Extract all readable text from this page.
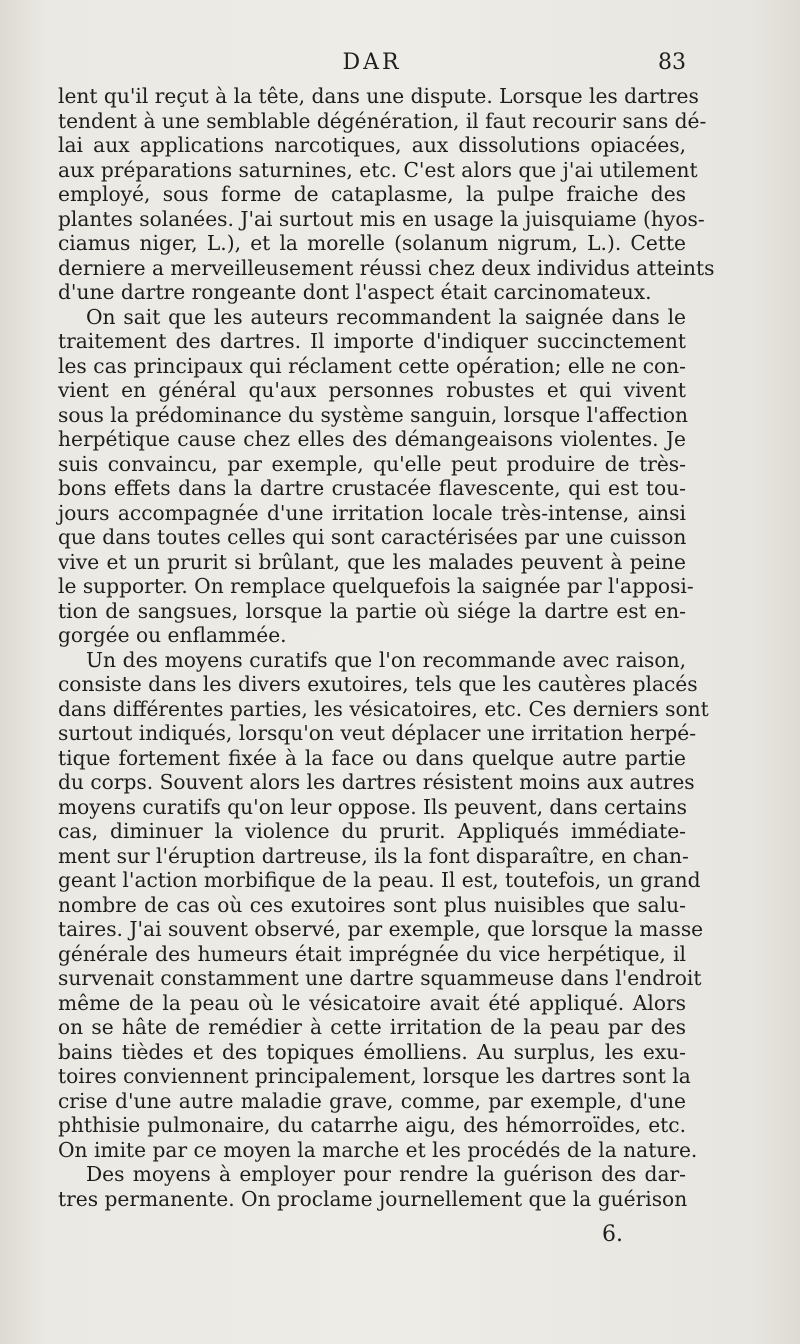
DAR	83
lent qu'il reçut à la tête, dans une dispute. Lorsque les dartres
tendent à une semblable dégénération, il faut recourir sans dé-
lai aux applications narcotiques, aux dissolutions opiacées,
aux préparations saturnines, etc. C'est alors que j'ai utilement
employé, sous forme de cataplasme, la pulpe fraiche des
plantes solanées. J'ai surtout mis en usage la juisquiame (hyos-
ciamus niger, L.), et la morelle (solanum nigrum, L.). Cette
derniere a merveilleusement réussi chez deux individus atteints
d'une dartre rongeante dont l'aspect était carcinomateux.
On sait que les auteurs recommandent la saignée dans le
traitement des dartres. Il importe d'indiquer succinctement
les cas principaux qui réclament cette opération; elle ne con-
vient en général qu'aux personnes robustes et qui vivent
sous la prédominance du système sanguin, lorsque l'affection
herpétique cause chez elles des démangeaisons violentes. Je
suis convaincu, par exemple, qu'elle peut produire de très-
bons effets dans la dartre crustacée flavescente, qui est tou-
jours accompagnée d'une irritation locale très-intense, ainsi
que dans toutes celles qui sont caractérisées par une cuisson
vive et un prurit si brûlant, que les malades peuvent à peine
le supporter. On remplace quelquefois la saignée par l'apposi-
tion de sangsues, lorsque la partie où siége la dartre est en-
gorgée ou enflammée.
Un des moyens curatifs que l'on recommande avec raison,
consiste dans les divers exutoires, tels que les cautères placés
dans différentes parties, les vésicatoires, etc. Ces derniers sont
surtout indiqués, lorsqu'on veut déplacer une irritation herpé-
tique fortement fixée à la face ou dans quelque autre partie
du corps. Souvent alors les dartres résistent moins aux autres
moyens curatifs qu'on leur oppose. Ils peuvent, dans certains
cas, diminuer la violence du prurit. Appliqués immédiate-
ment sur l'éruption dartreuse, ils la font disparaître, en chan-
geant l'action morbifique de la peau. Il est, toutefois, un grand
nombre de cas où ces exutoires sont plus nuisibles que salu-
taires. J'ai souvent observé, par exemple, que lorsque la masse
générale des humeurs était imprégnée du vice herpétique, il
survenait constamment une dartre squammeuse dans l'endroit
même de la peau où le vésicatoire avait été appliqué. Alors
on se hâte de remédier à cette irritation de la peau par des
bains tièdes et des topiques émolliens. Au surplus, les exu-
toires conviennent principalement, lorsque les dartres sont la
crise d'une autre maladie grave, comme, par exemple, d'une
phthisie pulmonaire, du catarrhe aigu, des hémorroïdes, etc.
On imite par ce moyen la marche et les procédés de la nature.
Des moyens à employer pour rendre la guérison des dar-
tres permanente. On proclame journellement que la guérison
6.
